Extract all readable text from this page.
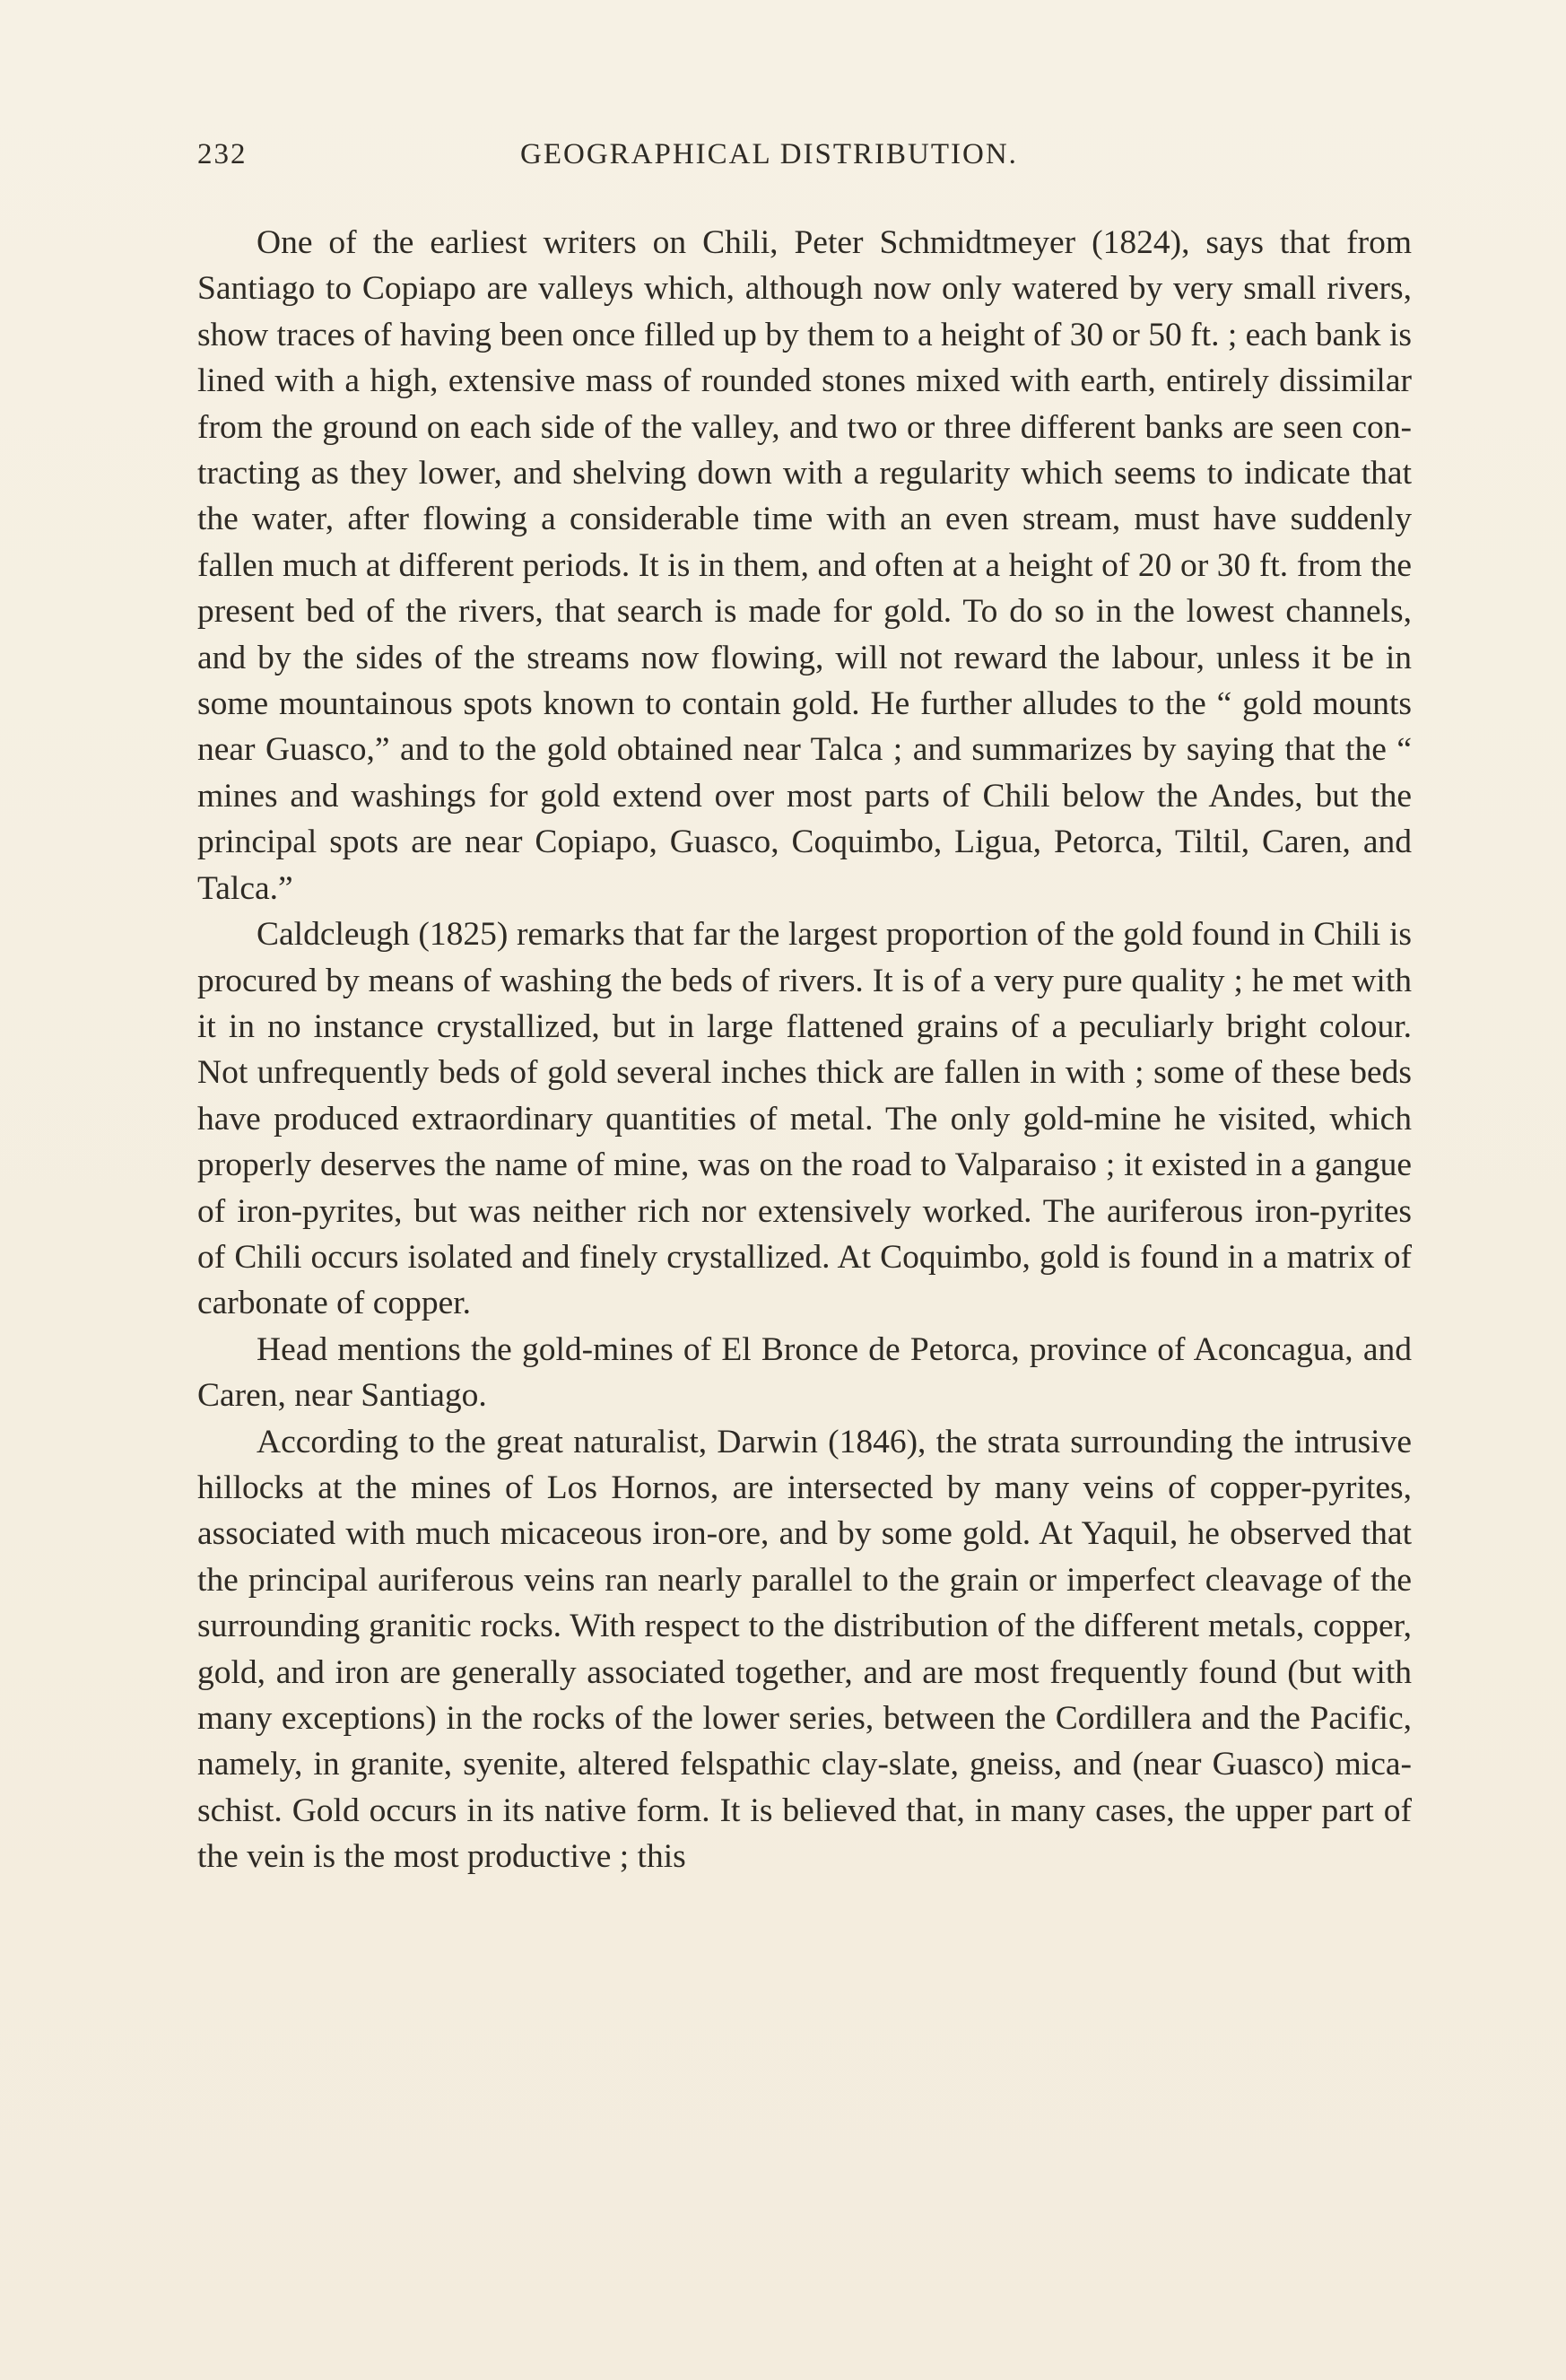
232	GEOGRAPHICAL DISTRIBUTION.

One of the earliest writers on Chili, Peter Schmidtmeyer (1824), says that from Santiago to Copiapo are valleys which, although now only watered by very small rivers, show traces of having been once filled up by them to a height of 30 or 50 ft. ; each bank is lined with a high, extensive mass of rounded stones mixed with earth, entirely dissimilar from the ground on each side of the valley, and two or three different banks are seen contracting as they lower, and shelving down with a regularity which seems to indicate that the water, after flowing a considerable time with an even stream, must have suddenly fallen much at different periods. It is in them, and often at a height of 20 or 30 ft. from the present bed of the rivers, that search is made for gold. To do so in the lowest channels, and by the sides of the streams now flowing, will not reward the labour, unless it be in some mountainous spots known to contain gold. He further alludes to the “ gold mounts near Guasco,” and to the gold obtained near Talca ; and summarizes by saying that the “ mines and washings for gold extend over most parts of Chili below the Andes, but the principal spots are near Copiapo, Guasco, Coquimbo, Ligua, Petorca, Tiltil, Caren, and Talca.”

Caldcleugh (1825) remarks that far the largest proportion of the gold found in Chili is procured by means of washing the beds of rivers. It is of a very pure quality ; he met with it in no instance crystallized, but in large flattened grains of a peculiarly bright colour. Not unfrequently beds of gold several inches thick are fallen in with ; some of these beds have produced extraordinary quantities of metal. The only gold-mine he visited, which properly deserves the name of mine, was on the road to Valparaiso ; it existed in a gangue of iron-pyrites, but was neither rich nor extensively worked. The auriferous iron-pyrites of Chili occurs isolated and finely crystallized. At Coquimbo, gold is found in a matrix of carbonate of copper.

Head mentions the gold-mines of El Bronce de Petorca, province of Aconcagua, and Caren, near Santiago.

According to the great naturalist, Darwin (1846), the strata surrounding the intrusive hillocks at the mines of Los Hornos, are intersected by many veins of copper-pyrites, associated with much micaceous iron-ore, and by some gold. At Yaquil, he observed that the principal auriferous veins ran nearly parallel to the grain or imperfect cleavage of the surrounding granitic rocks. With respect to the distribution of the different metals, copper, gold, and iron are generally associated together, and are most frequently found (but with many exceptions) in the rocks of the lower series, between the Cordillera and the Pacific, namely, in granite, syenite, altered felspathic clay-slate, gneiss, and (near Guasco) mica-schist. Gold occurs in its native form. It is believed that, in many cases, the upper part of the vein is the most productive ; this
